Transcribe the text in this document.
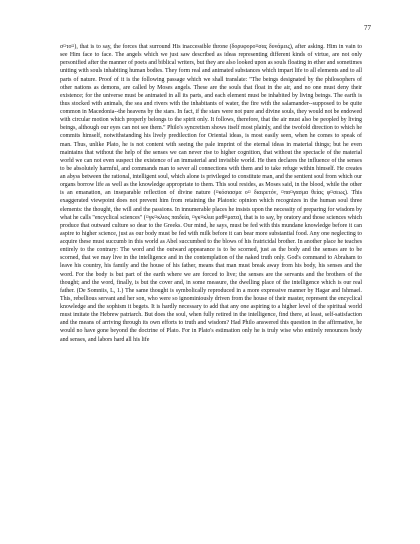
77

σ¤τo¤), that is to say, the forces that surround His inaccessible throne (δορυφoρo¤σας δυνάμεις), after asking. Him in vain to see Him face to face. The angels which we just saw described as ideas representing different kinds of virtue, are not only personified after the manner of poets and biblical writers, but they are also looked upon as souls floating in ether and sometimes uniting with souls inhabiting human bodies. They form real and animated substances which impart life to all elements and to all parts of nature. Proof of it is the following passage which we shall translate: "The beings designated by the philosophers of other nations as demons, are called by Moses angels. These are the souls that float in the air, and no one must deny their existence; for the universe must be animated in all its parts, and each element must be inhabited by living beings. The earth is thus stocked with animals, the sea and rivers with the inhabitants of water, the fire with the salamander--supposed to be quite common in Macedonia--the heavens by the stars. In fact, if the stars were not pure and divine souls, they would not be endowed with circular motion which properly belongs to the spirit only. It follows, therefore, that the air must also be peopled by living beings, although our eyes can not see them." Philo's syncretism shows itself most plainly, and the twofold direction to which he commits himself, notwithstanding his lively predilection for Oriental ideas, is most easily seen, when he comes to speak of man. Thus, unlike Plato, he is not content with seeing the pale imprint of the eternal ideas in material things; but he even maintains that without the help of the senses we can never rise to higher cognition, that without the spectacle of the material world we can not even suspect the existence of an immaterial and invisible world. He then declares the influence of the senses to be absolutely harmful, and commands man to sever all connections with them and to take refuge within himself. He creates an abyss between the rational, intelligent soul, which alone is privileged to constitute man, and the sentient soul from which our organs borrow life as well as the knowledge appropriate to them. This soul resides, as Moses said, in the blood, while the other is an emanation, an inseparable reflection of divine nature (¤κόσιασμα ο¤ διαιρετόν, ¤πα¤γασμα θείας φ¤σεως). This exaggerated viewpoint does not prevent him from retaining the Platonic opinion which recognizes in the human soul three elements: the thought, the will and the passions. In innumerable places he insists upon the necessity of preparing for wisdom by what he calls "encyclical sciences" (¤γκ¤κλιος παιδεία, ¤γκ¤κλια μαθ¤ματα), that is to say, by oratory and those sciences which produce that outward culture so dear to the Greeks. Our mind, he says, must be fed with this mundane knowledge before it can aspire to higher science, just as our body must be fed with milk before it can bear more substantial food. Any one neglecting to acquire these must succumb in this world as Abel succumbed to the blows of his fratricidal brother. In another place he teaches entirely to the contrary: The word and the outward appearance is to be scorned, just as the body and the senses are to be scorned, that we may live in the intelligence and in the contemplation of the naked truth only. God's command to Abraham to leave his country, his family and the house of his father, means that man must break away from his body, his senses and the word. For the body is but part of the earth where we are forced to live; the senses are the servants and the brothers of the thought; and the word, finally, is but the cover and, in some measure, the dwelling place of the intelligence which is our real father. (De Somniis, L, 1.) The same thought is symbolically reproduced in a more expressive manner by Hagar and Ishmael. This, rebellious servant and her son, who were so ignominiously driven from the house of their master, represent the encyclical knowledge and the sophism it begets. It is hardly necessary to add that any one aspiring to a higher level of the spiritual world must imitate the Hebrew patriarch. But does the soul, when fully retired in the intelligence, find there, at least, self-satisfaction and the means of arriving through its own efforts to truth and wisdom? Had Philo answered this question in the affirmative, he would no have gone beyond the doctrine of Plato. For in Plato's estimation only he is truly wise who entirely renounces body and senses, and labors hard all his life
